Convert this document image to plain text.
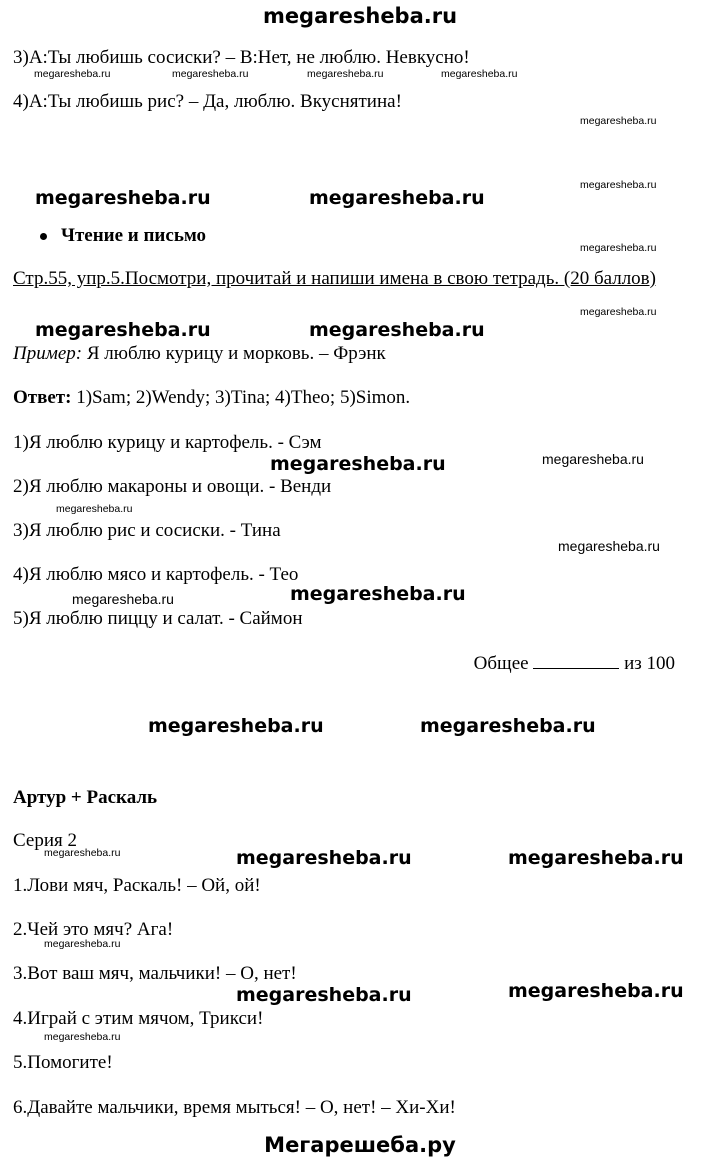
megaresheba.ru
3)А:Ты любишь сосиски? – В:Нет, не люблю. Невкусно!
megaresheba.ru	megaresheba.ru	megaresheba.ru	megaresheba.ru
4)А:Ты любишь рис? – Да, люблю. Вкуснятина!
megaresheba.ru
megaresheba.ru
megaresheba.ru	megaresheba.ru
Чтение и письмо
megaresheba.ru
Стр.55, упр.5.Посмотри, прочитай и напиши имена в свою тетрадь. (20 баллов)
megaresheba.ru
megaresheba.ru	megaresheba.ru
Пример: Я люблю курицу и морковь. – Фрэнк
Ответ: 1)Sam; 2)Wendy; 3)Tina; 4)Theo; 5)Simon.
1)Я люблю курицу и картофель. - Сэм
megaresheba.ru
megaresheba.ru
2)Я люблю макароны и овощи. - Венди
megaresheba.ru
3)Я люблю рис и сосиски. - Тина
megaresheba.ru
4)Я люблю мясо и картофель. - Тео
megaresheba.ru	megaresheba.ru
5)Я люблю пиццу и салат. - Саймон
Общее	из 100
megaresheba.ru	megaresheba.ru
Артур + Раскаль
Серия 2
megaresheba.ru	megaresheba.ru	megaresheba.ru
1.Лови мяч, Раскаль! – Ой, ой!
2.Чей это мяч? Ага!
megaresheba.ru
3.Вот ваш мяч, мальчики! – О, нет!
megaresheba.ru	megaresheba.ru
4.Играй с этим мячом, Трикси!
megaresheba.ru
5.Помогите!
6.Давайте мальчики, время мыться! – О, нет! – Хи-Хи!
Мегарешеба.ру
